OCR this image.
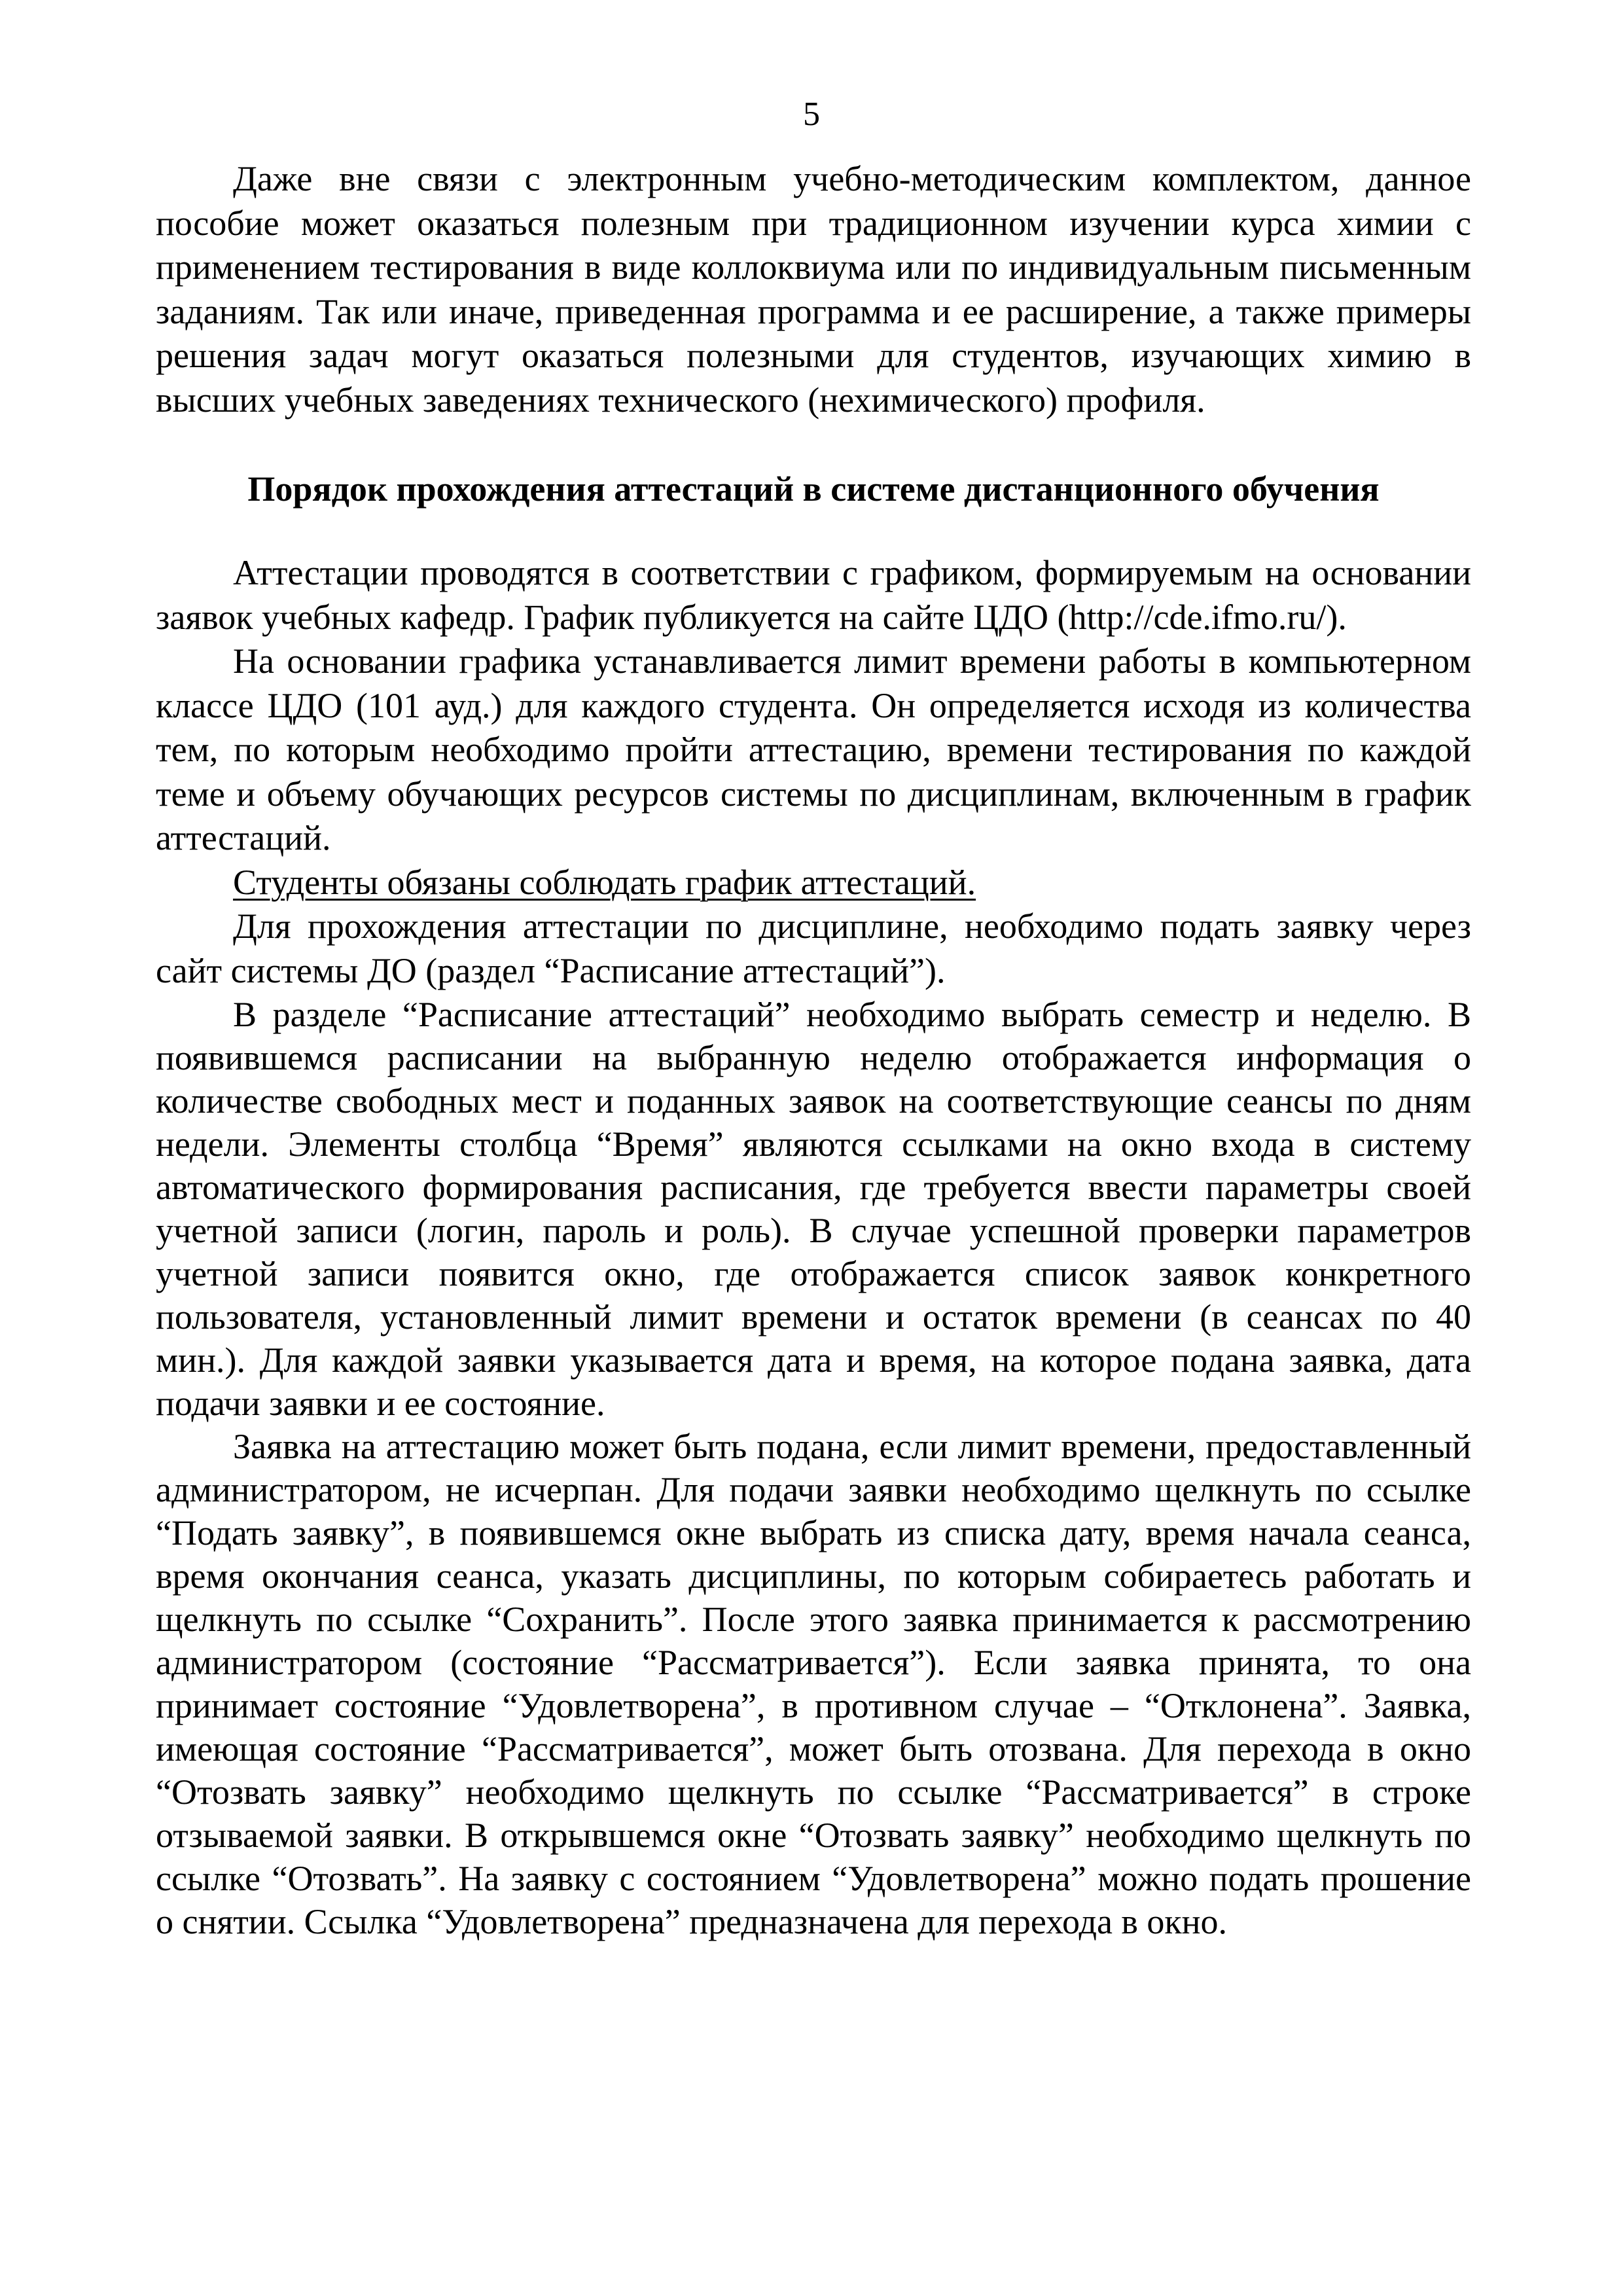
5

Даже вне связи с электронным учебно-методическим комплектом, данное пособие может оказаться полезным при традиционном изучении курса химии с применением тестирования в виде коллоквиума или по индивидуальным письменным заданиям. Так или иначе, приведенная программа и ее расширение, а также примеры решения задач могут оказаться полезными для студентов, изучающих химию в высших учебных заведениях технического (нехимического) профиля.

Порядок прохождения аттестаций в системе дистанционного обучения

Аттестации проводятся в соответствии с графиком, формируемым на основании заявок учебных кафедр. График публикуется на сайте ЦДО (http://cde.ifmo.ru/).

На основании графика устанавливается лимит времени работы в компьютерном классе ЦДО (101 ауд.) для каждого студента. Он определяется исходя из количества тем, по которым необходимо пройти аттестацию, времени тестирования по каждой теме и объему обучающих ресурсов системы по дисциплинам, включенным в график аттестаций.

Студенты обязаны соблюдать график аттестаций.

Для прохождения аттестации по дисциплине, необходимо подать заявку через сайт системы ДО (раздел “Расписание аттестаций”).

В разделе “Расписание аттестаций” необходимо выбрать семестр и неделю. В появившемся расписании на выбранную неделю отображается информация о количестве свободных мест и поданных заявок на соответствующие сеансы по дням недели. Элементы столбца “Время” являются ссылками на окно входа в систему автоматического формирования расписания, где требуется ввести параметры своей учетной записи (логин, пароль и роль). В случае успешной проверки параметров учетной записи появится окно, где отображается список заявок конкретного пользователя, установленный лимит времени и остаток времени (в сеансах по 40 мин.). Для каждой заявки указывается дата и время, на которое подана заявка, дата подачи заявки и ее состояние.

Заявка на аттестацию может быть подана, если лимит времени, предоставленный администратором, не исчерпан. Для подачи заявки необходимо щелкнуть по ссылке “Подать заявку”, в появившемся окне выбрать из списка дату, время начала сеанса, время окончания сеанса, указать дисциплины, по которым собираетесь работать и щелкнуть по ссылке “Сохранить”. После этого заявка принимается к рассмотрению администратором (состояние “Рассматривается”). Если заявка принята, то она принимает состояние “Удовлетворена”, в противном случае – “Отклонена”. Заявка, имеющая состояние “Рассматривается”, может быть отозвана. Для перехода в окно “Отозвать заявку” необходимо щелкнуть по ссылке “Рассматривается” в строке отзываемой заявки. В открывшемся окне “Отозвать заявку” необходимо щелкнуть по ссылке “Отозвать”. На заявку с состоянием “Удовлетворена” можно подать прошение о снятии. Ссылка “Удовлетворена” предназначена для перехода в окно.
